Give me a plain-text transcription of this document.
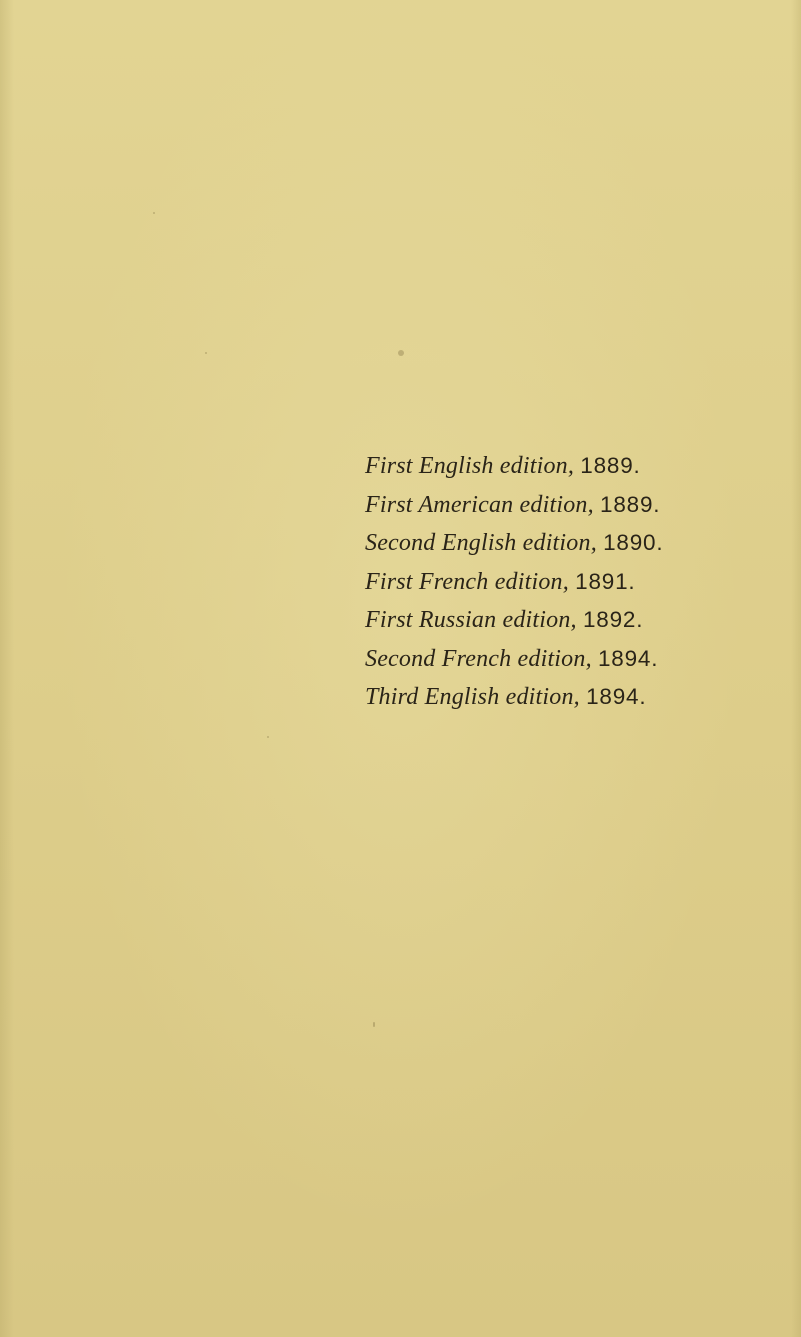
First English edition, 1889.
First American edition, 1889.
Second English edition, 1890.
First French edition, 1891.
First Russian edition, 1892.
Second French edition, 1894.
Third English edition, 1894.
